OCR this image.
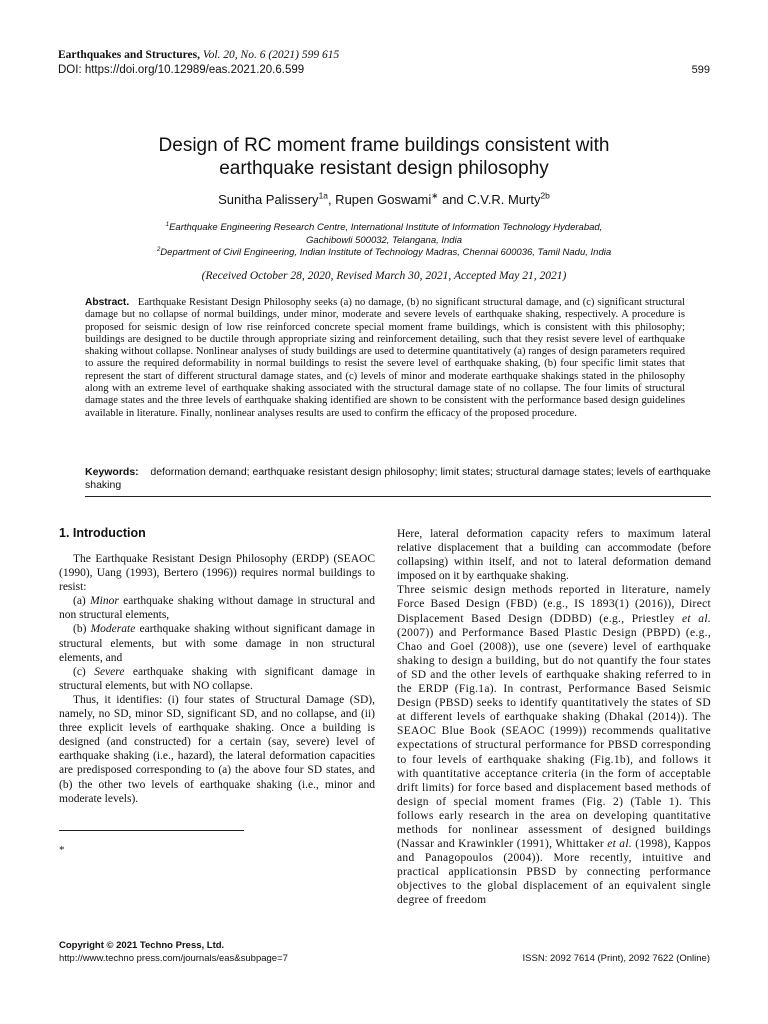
Earthquakes and Structures, Vol. 20, No. 6 (2021) 599 615
DOI: https://doi.org/10.12989/eas.2021.20.6.599	599
Design of RC moment frame buildings consistent with
earthquake resistant design philosophy
Sunitha Palissery$^{1a}$, Rupen Goswami∗ and C.V.R. Murty$^{2b}$
$^1$Earthquake Engineering Research Centre, International Institute of Information Technology Hyderabad,
Gachibowli 500032, Telangana, India
$^2$Department of Civil Engineering, Indian Institute of Technology Madras, Chennai 600036, Tamil Nadu, India
(Received October 28, 2020, Revised March 30, 2021, Accepted May 21, 2021)
Abstract. Earthquake Resistant Design Philosophy seeks (a) no damage, (b) no significant structural damage, and (c) significant structural damage but no collapse of normal buildings, under minor, moderate and severe levels of earthquake shaking, respectively. A procedure is proposed for seismic design of low rise reinforced concrete special moment frame buildings, which is consistent with this philosophy; buildings are designed to be ductile through appropriate sizing and reinforcement detailing, such that they resist severe level of earthquake shaking without collapse. Nonlinear analyses of study buildings are used to determine quantitatively (a) ranges of design parameters required to assure the required deformability in normal buildings to resist the severe level of earthquake shaking, (b) four specific limit states that represent the start of different structural damage states, and (c) levels of minor and moderate earthquake shakings stated in the philosophy along with an extreme level of earthquake shaking associated with the structural damage state of no collapse. The four limits of structural damage states and the three levels of earthquake shaking identified are shown to be consistent with the performance based design guidelines available in literature. Finally, nonlinear analyses results are used to confirm the efficacy of the proposed procedure.
Keywords: deformation demand; earthquake resistant design philosophy; limit states; structural damage states; levels of earthquake shaking
1. Introduction

The Earthquake Resistant Design Philosophy (ERDP) (SEAOC (1990), Uang (1993), Bertero (1996)) requires normal buildings to resist:

(a) Minor earthquake shaking without damage in structural and non structural elements,

(b) Moderate earthquake shaking without significant damage in structural elements, but with some damage in non structural elements, and

(c) Severe earthquake shaking with significant damage in structural elements, but with NO collapse.

Thus, it identifies: (i) four states of Structural Damage (SD), namely, no SD, minor SD, significant SD, and no collapse, and (ii) three explicit levels of earthquake shaking. Once a building is designed (and constructed) for a certain (say, severe) level of earthquake shaking (i.e., hazard), the lateral deformation capacities are predisposed corresponding to (a) the above four SD states, and (b) the other two levels of earthquake shaking (i.e., minor and moderate levels).

*

Here, lateral deformation capacity refers to maximum lateral relative displacement that a building can accommodate (before collapsing) within itself, and not to lateral deformation demand imposed on it by earthquake shaking.

Three seismic design methods reported in literature, namely Force Based Design (FBD) (e.g., IS 1893(1) (2016)), Direct Displacement Based Design (DDBD) (e.g., Priestley et al. (2007)) and Performance Based Plastic Design (PBPD) (e.g., Chao and Goel (2008)), use one (severe) level of earthquake shaking to design a building, but do not quantify the four states of SD and the other levels of earthquake shaking referred to in the ERDP (Fig.1a). In contrast, Performance Based Seismic Design (PBSD) seeks to identify quantitatively the states of SD at different levels of earthquake shaking (Dhakal (2014)). The SEAOC Blue Book (SEAOC (1999)) recommends qualitative expectations of structural performance for PBSD corresponding to four levels of earthquake shaking (Fig.1b), and follows it with quantitative acceptance criteria (in the form of acceptable drift limits) for force based and displacement based methods of design of special moment frames (Fig. 2) (Table 1). This follows early research in the area on developing quantitative methods for nonlinear assessment of designed buildings (Nassar and Krawinkler (1991), Whittaker et al. (1998), Kappos and Panagopoulos (2004)). More recently, intuitive and practical applicationsin PBSD by connecting performance objectives to the global displacement of an equivalent single degree of freedom

Copyright © 2021 Techno Press, Ltd.
http://www.techno press.com/journals/eas&subpage=7	ISSN: 2092 7614 (Print), 2092 7622 (Online)
